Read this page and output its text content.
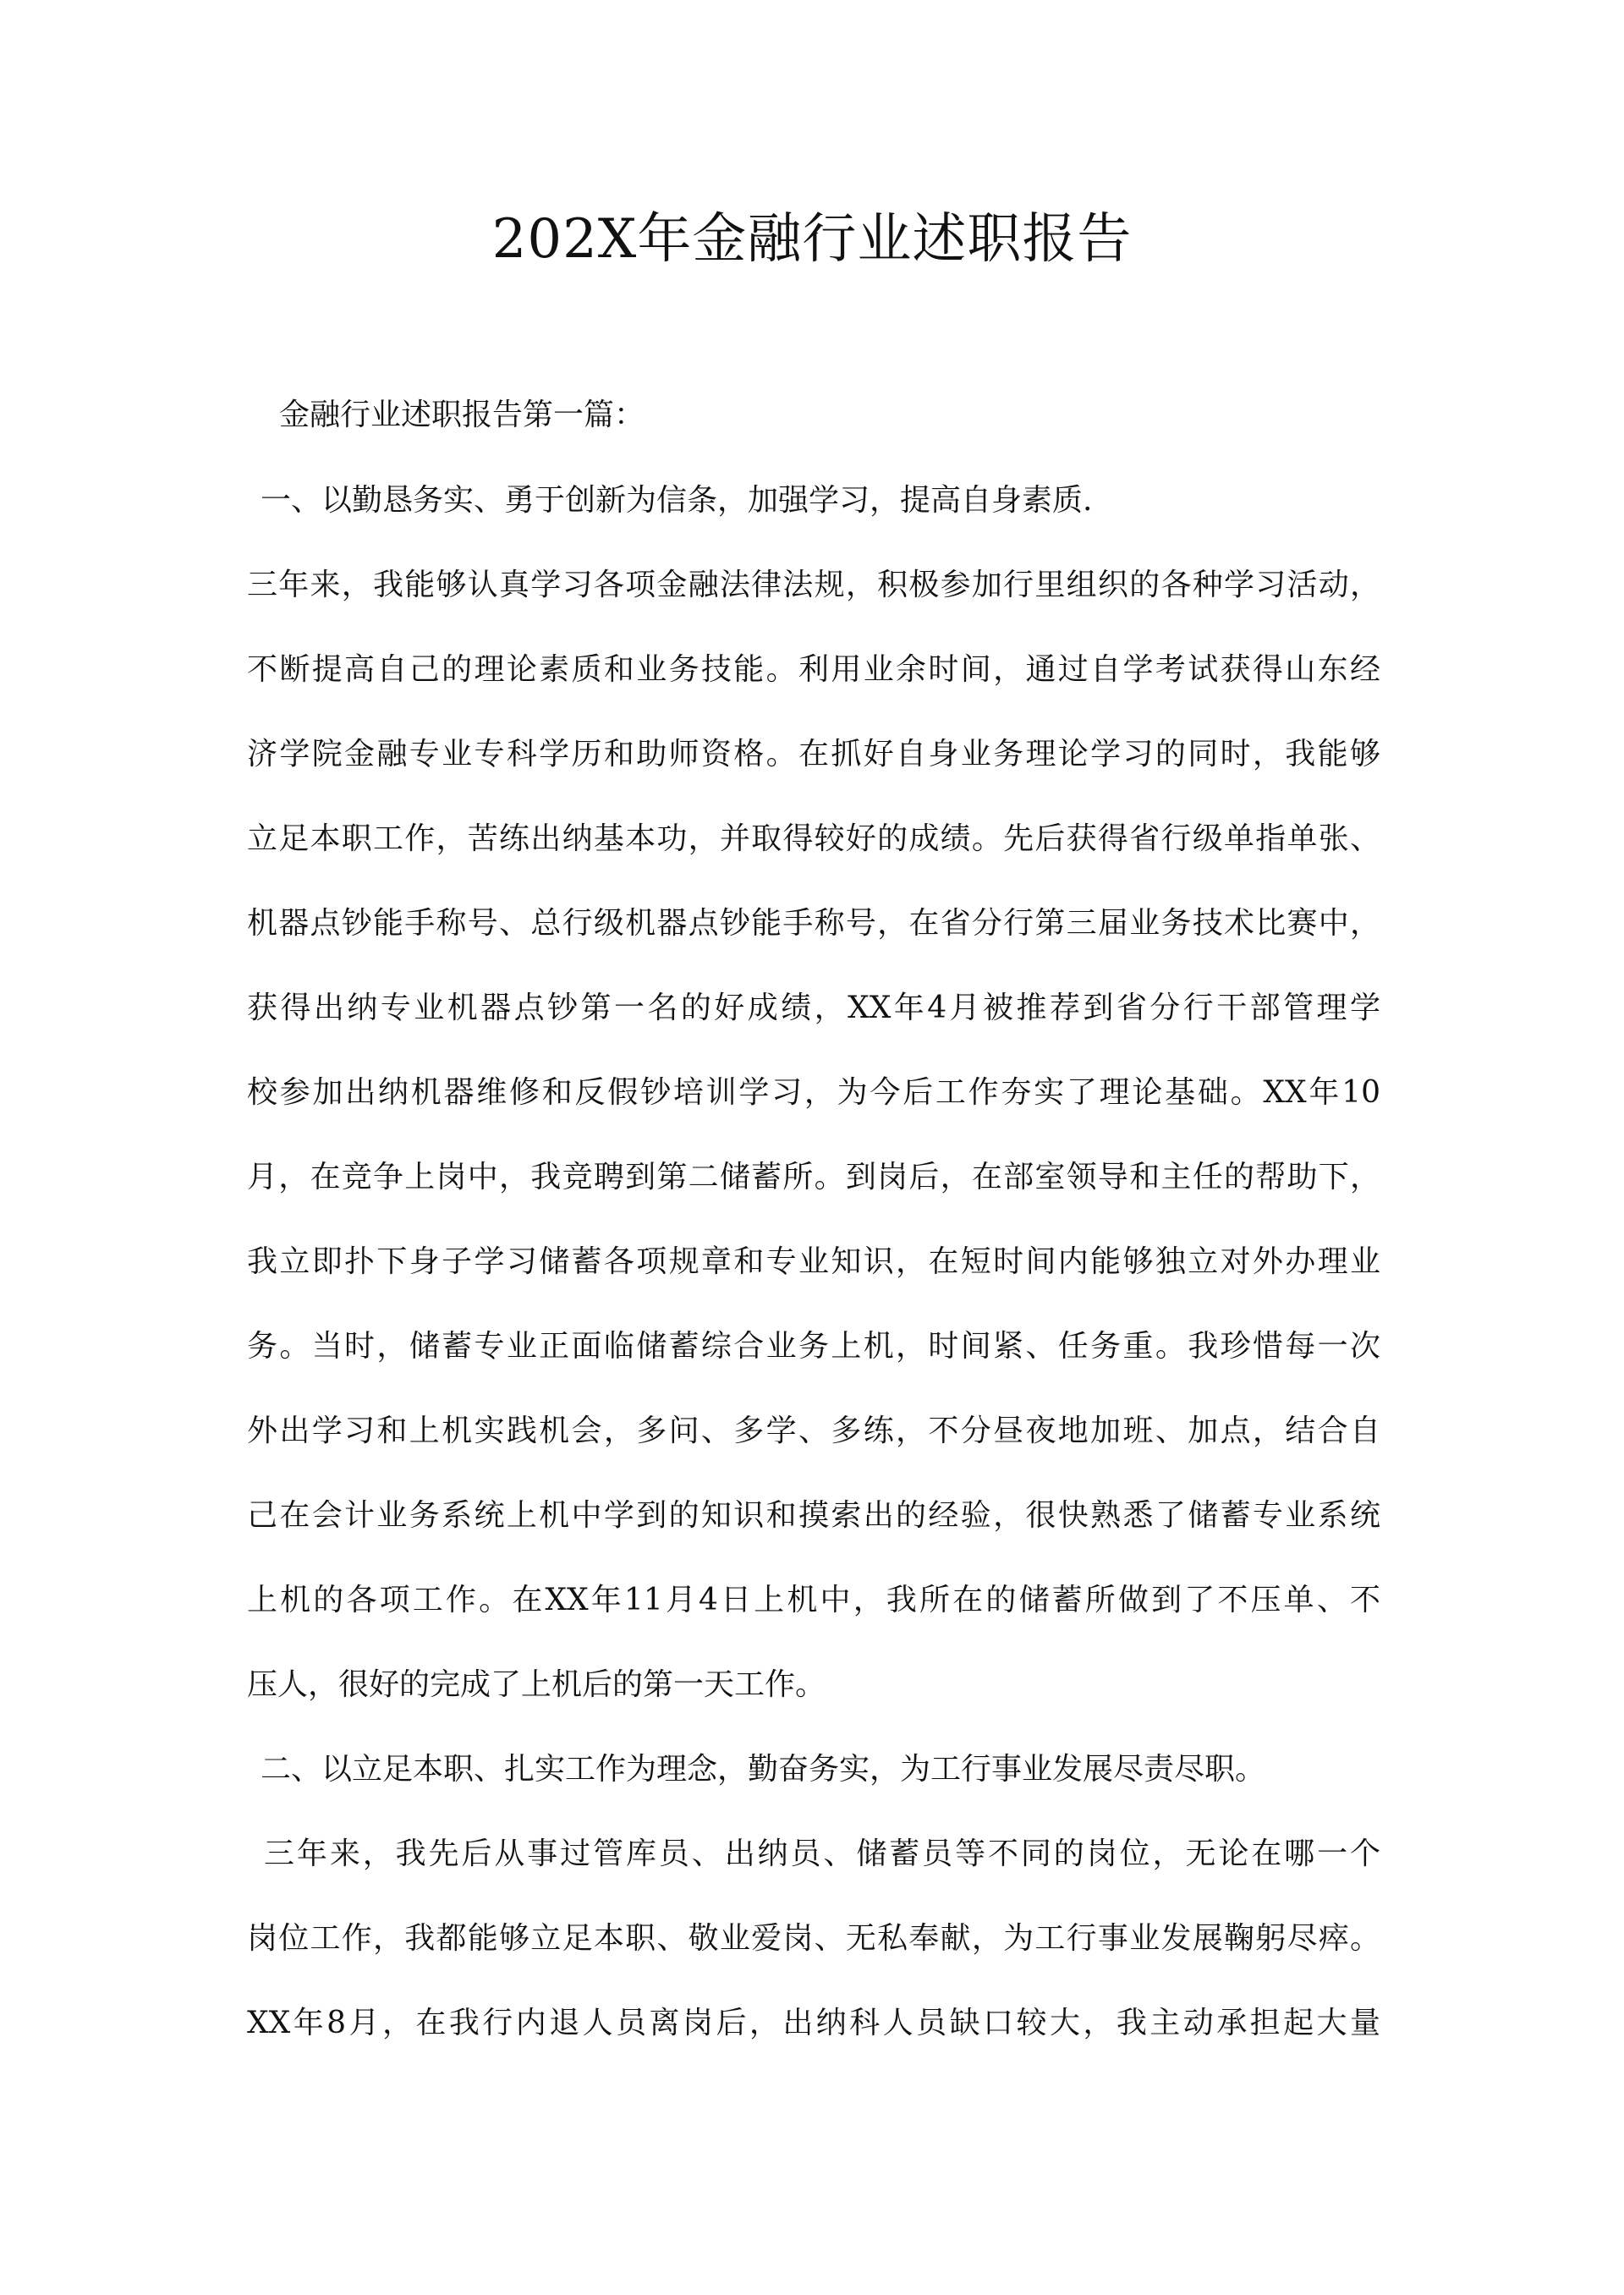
202X年金融行业述职报告

金融行业述职报告第一篇：

一、以勤恳务实、勇于创新为信条，加强学习，提高自身素质.

三年来，我能够认真学习各项金融法律法规，积极参加行里组织的各种学习活动，

不断提高自己的理论素质和业务技能。利用业余时间，通过自学考试获得山东经

济学院金融专业专科学历和助师资格。在抓好自身业务理论学习的同时，我能够

立足本职工作，苦练出纳基本功，并取得较好的成绩。先后获得省行级单指单张、

机器点钞能手称号、总行级机器点钞能手称号，在省分行第三届业务技术比赛中，

获得出纳专业机器点钞第一名的好成绩，XX年4月被推荐到省分行干部管理学

校参加出纳机器维修和反假钞培训学习，为今后工作夯实了理论基础。XX年10

月，在竞争上岗中，我竞聘到第二储蓄所。到岗后，在部室领导和主任的帮助下，

我立即扑下身子学习储蓄各项规章和专业知识，在短时间内能够独立对外办理业

务。当时，储蓄专业正面临储蓄综合业务上机，时间紧、任务重。我珍惜每一次

外出学习和上机实践机会，多问、多学、多练，不分昼夜地加班、加点，结合自

己在会计业务系统上机中学到的知识和摸索出的经验，很快熟悉了储蓄专业系统

上机的各项工作。在XX年11月4日上机中，我所在的储蓄所做到了不压单、不

压人，很好的完成了上机后的第一天工作。

二、以立足本职、扎实工作为理念，勤奋务实，为工行事业发展尽责尽职。

三年来，我先后从事过管库员、出纳员、储蓄员等不同的岗位，无论在哪一个

岗位工作，我都能够立足本职、敬业爱岗、无私奉献，为工行事业发展鞠躬尽瘁。

XX年8月，在我行内退人员离岗后，出纳科人员缺口较大，我主动承担起大量
